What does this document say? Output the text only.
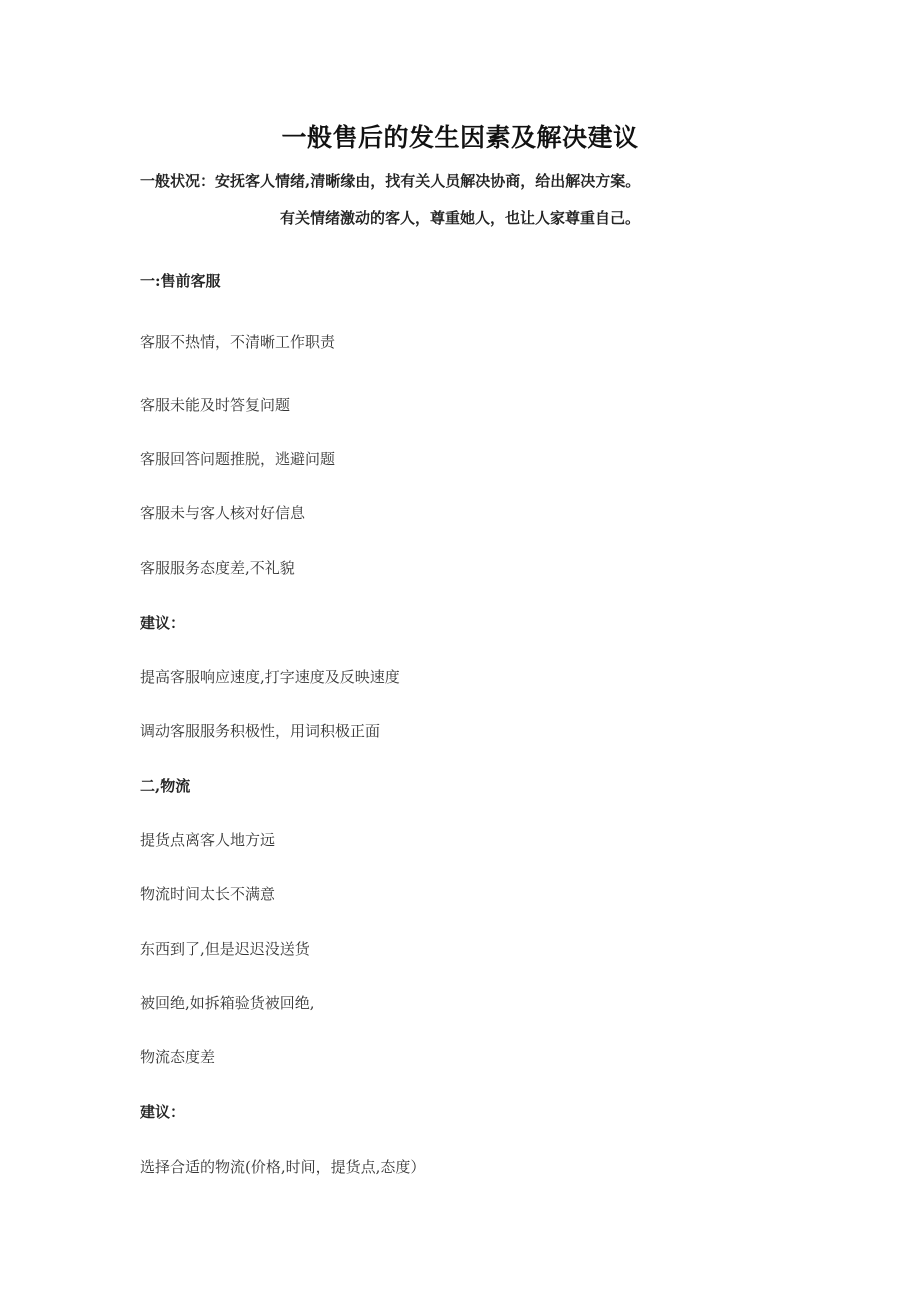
一般售后的发生因素及解决建议
一般状况：安抚客人情绪,清晰缘由，找有关人员解决协商，给出解决方案。
有关情绪激动的客人，尊重她人，也让人家尊重自己。
一:售前客服
客服不热情，不清晰工作职责
客服未能及时答复问题
客服回答问题推脱，逃避问题
客服未与客人核对好信息
客服服务态度差,不礼貌
建议：
提高客服响应速度,打字速度及反映速度
调动客服服务积极性，用词积极正面
二,物流
提货点离客人地方远
物流时间太长不满意
东西到了,但是迟迟没送货
被回绝,如拆箱验货被回绝,
物流态度差
建议：
选择合适的物流(价格,时间，提货点,态度）
